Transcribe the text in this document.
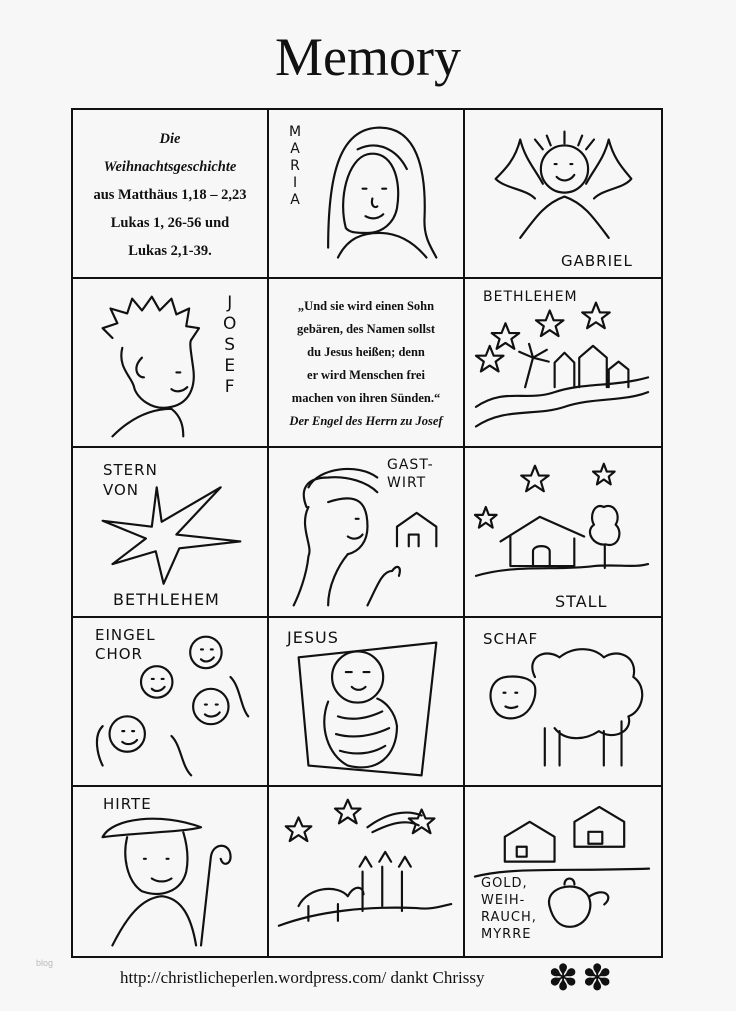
Memory
Die
Weihnachtsgeschichte
aus Matthäus 1,18 – 2,23
Lukas 1, 26-56 und
Lukas 2,1-39.
M
A
R
I
A
GABRIEL
J
O
S
E
F
„Und sie wird einen Sohn
gebären, des Namen sollst
du Jesus heißen; denn
er wird Menschen frei
machen von ihren Sünden.“
Der Engel des Herrn zu Josef
BETHLEHEM
STERN
VON
BETHLEHEM
GAST-
WIRT
STALL
EINGEL
CHOR
JESUS	SCHAF
HIRTE
GOLD,
WEIH-
RAUCH,
MYRRE
blog
http://christlicheperlen.wordpress.com/ dankt Chrissy ✽✽
